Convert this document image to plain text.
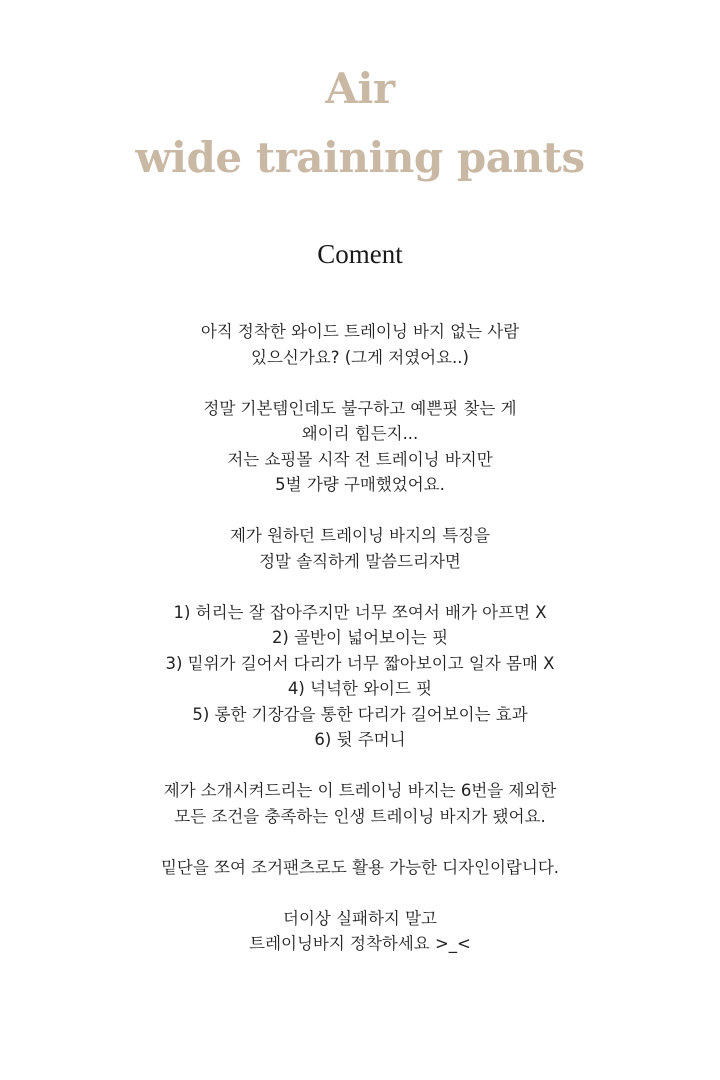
Air
wide training pants
Coment

아직 정착한 와이드 트레이닝 바지 없는 사람
있으신가요? (그게 저였어요..)

정말 기본템인데도 불구하고 예쁜핏 찾는 게
왜이리 힘든지...
저는 쇼핑몰 시작 전 트레이닝 바지만
5벌 가량 구매했었어요.

제가 원하던 트레이닝 바지의 특징을
정말 솔직하게 말씀드리자면

1) 허리는 잘 잡아주지만 너무 쪼여서 배가 아프면 X
2) 골반이 넓어보이는 핏
3) 밑위가 길어서 다리가 너무 짧아보이고 일자 몸매 X
4) 넉넉한 와이드 핏
5) 롱한 기장감을 통한 다리가 길어보이는 효과
6) 뒷 주머니

제가 소개시켜드리는 이 트레이닝 바지는 6번을 제외한
모든 조건을 충족하는 인생 트레이닝 바지가 됐어요.

밑단을 쪼여 조거팬츠로도 활용 가능한 디자인이랍니다.

더이상 실패하지 말고
트레이닝바지 정착하세요 >_<
